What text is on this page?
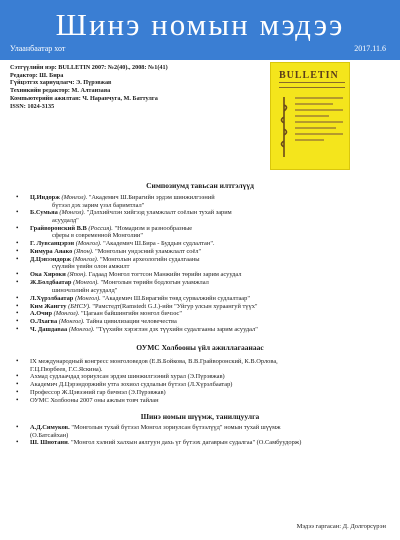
Шинэ номын мэдээ
Улаанбаатар хот	2017.11.6
Сэтгүүлийн нэр: BULLETIN 2007: №2(40)., 2008: №1(41)
Редактор: Ш. Бира
Гүйцэтгэх хариуцлагч: Э. Пүрэвжав
Техникийн редактор: М. Алтанзаяа
Компьютерийн ажилтан: Ч. Наранчуга, М. Баттулга
ISSN: 1024-3135
BULLETIN
Симпозиумд тавьсан илтгэлүүд
• Ц.Индорж (Монгол). "Академич Ш.Бирагийн эрдэм шинжилгээний
бүтээл дэх зарим үзэл баримтлал"
• Б.Сумьяа (Монгол). "Дэлхийчлэн хийгээд уламжлалт соёлын тухай зарим
асуудалд"
• Грайворонский В.В (Россия). "Номадизм и разнообразные
сферы в современной Монголии"
• Г. Лувсанцэрэн (Монгол). "Академич Ш.Бира - Буддын судлалтан".
• Кимура Аяако (Япон). "Монголын ундэсний уламжлалт соёл"
• Д.Цэвээндорж (Монгол). "Монголын археологийн судалгааны
сүүлийн үеийн олон амжилт
• Ока Хироки (Япон). Гадаад Монгол тогтсон Манжийн төрийн зарим асуудал
• Ж.Болдбаатар (Монгол). "Монголын төрийн бодлогын уламжлал
шинэчлэлийн асуудалд"
• Л.Хүрэлбаатар (Монгол). "Академич Ш.Бирагийн төвд сурвалжийн судлалтаар"
• Ким Жангту (БНСУ). "Рамстедт(Ramstedt G.J.)-ийн "Уйгур улсын хураангуй түүх"
• А.Очир (Монгол). "Цагаан байшингийн монгол бичээс"
• О.Лхагва (Монгол). Тайна цивилизации человечества
• Ч. Дашдаваа (Монгол). "Түүхийн хэрэглэн дэх түүхийн судалгааны зарим асуудал"
ОУМС Холбооны үйл ажиллагаанаас
• IX международный конгресс монголоведов (Е.В.Бойкова, В.В.Грайворонский, К.В.Орлова,
Г.Ц.Пюрбеев, Г.С.Яскина).
• Ахмад судлаачдад зориулсан эрдэм шинжилгээний хурал (Э.Пүрэвжав)
• Академич Д.Цэрэндоржийн утга зохиол судлалын бүтээл (Л.Хүрэлбаатар)
• Профессор Ж.Цэвээний гар бичмэл (Э.Пүрэвжав)
• ОУМС Холбооны 2007 оны ажлын товч тайлан
Шинэ номын шүүмж, танилцуулга
• А.Д.Симуков. "Монголын тухай бүтээл Монгол зориулсан бүтээлүүд" номын тухай шүүмж
(О.Батсайхан)
• Ш. Шнотани. "Монгол хэлний халхын аялгуун дахь үг бүтээх дагаврын судалгаа" (О.Самбуудорж)
Мэдээ гаргасан: Д. Долгорсүрэн
